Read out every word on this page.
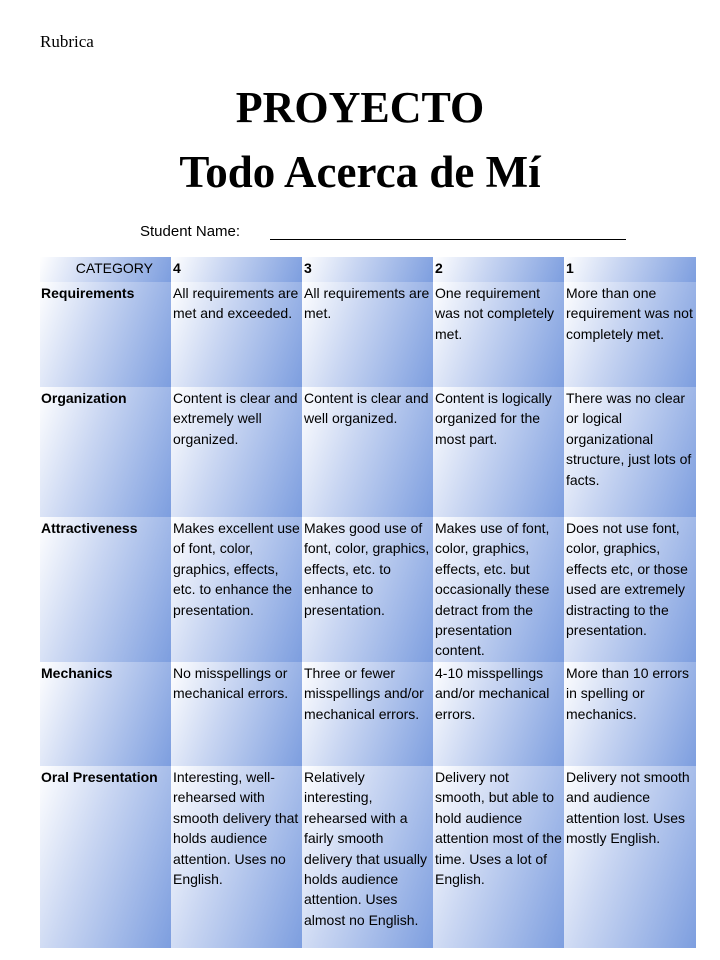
Rubrica
PROYECTO
Todo Acerca de Mí
Student Name:
CATEGORY	4	3	2	1
Requirements	All requirements are met and exceeded.	All requirements are met.	One requirement was not completely met.	More than one requirement was not completely met.
Organization	Content is clear and extremely well organized.	Content is clear and well organized.	Content is logically organized for the most part.	There was no clear or logical organizational structure, just lots of facts.
Attractiveness	Makes excellent use of font, color, graphics, effects, etc. to enhance the presentation.	Makes good use of font, color, graphics, effects, etc. to enhance to presentation.	Makes use of font, color, graphics, effects, etc. but occasionally these detract from the presentation content.	Does not use font, color, graphics, effects etc, or those used are extremely distracting to the presentation.
Mechanics	No misspellings or mechanical errors.	Three or fewer misspellings and/or mechanical errors.	4-10 misspellings and/or mechanical errors.	More than 10 errors in spelling or mechanics.
Oral Presentation	Interesting, well-rehearsed with smooth delivery that holds audience attention. Uses no English.	Relatively interesting, rehearsed with a fairly smooth delivery that usually holds audience attention. Uses almost no English.	Delivery not smooth, but able to hold audience attention most of the time. Uses a lot of English.	Delivery not smooth and audience attention lost. Uses mostly English.
